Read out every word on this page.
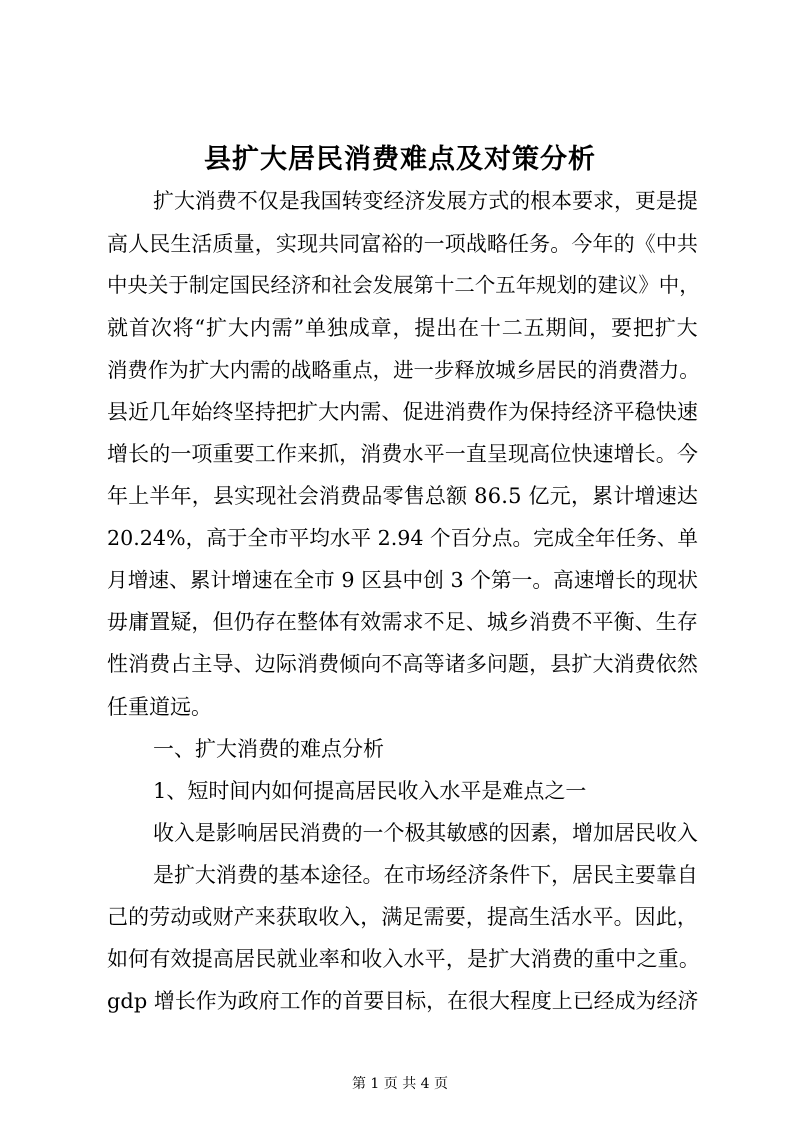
县扩大居民消费难点及对策分析
扩大消费不仅是我国转变经济发展方式的根本要求，更是提
高人民生活质量，实现共同富裕的一项战略任务。今年的《中共
中央关于制定国民经济和社会发展第十二个五年规划的建议》中，
就首次将“扩大内需”单独成章，提出在十二五期间，要把扩大
消费作为扩大内需的战略重点，进一步释放城乡居民的消费潜力。
县近几年始终坚持把扩大内需、促进消费作为保持经济平稳快速
增长的一项重要工作来抓，消费水平一直呈现高位快速增长。今
年上半年，县实现社会消费品零售总额 86.5 亿元，累计增速达
20.24%，高于全市平均水平 2.94 个百分点。完成全年任务、单
月增速、累计增速在全市 9 区县中创 3 个第一。高速增长的现状
毋庸置疑，但仍存在整体有效需求不足、城乡消费不平衡、生存
性消费占主导、边际消费倾向不高等诸多问题，县扩大消费依然
任重道远。
一、扩大消费的难点分析
1、短时间内如何提高居民收入水平是难点之一
收入是影响居民消费的一个极其敏感的因素，增加居民收入
是扩大消费的基本途径。在市场经济条件下，居民主要靠自
己的劳动或财产来获取收入，满足需要，提高生活水平。因此，
如何有效提高居民就业率和收入水平，是扩大消费的重中之重。
gdp 增长作为政府工作的首要目标，在很大程度上已经成为经济
第 1 页 共 4 页
